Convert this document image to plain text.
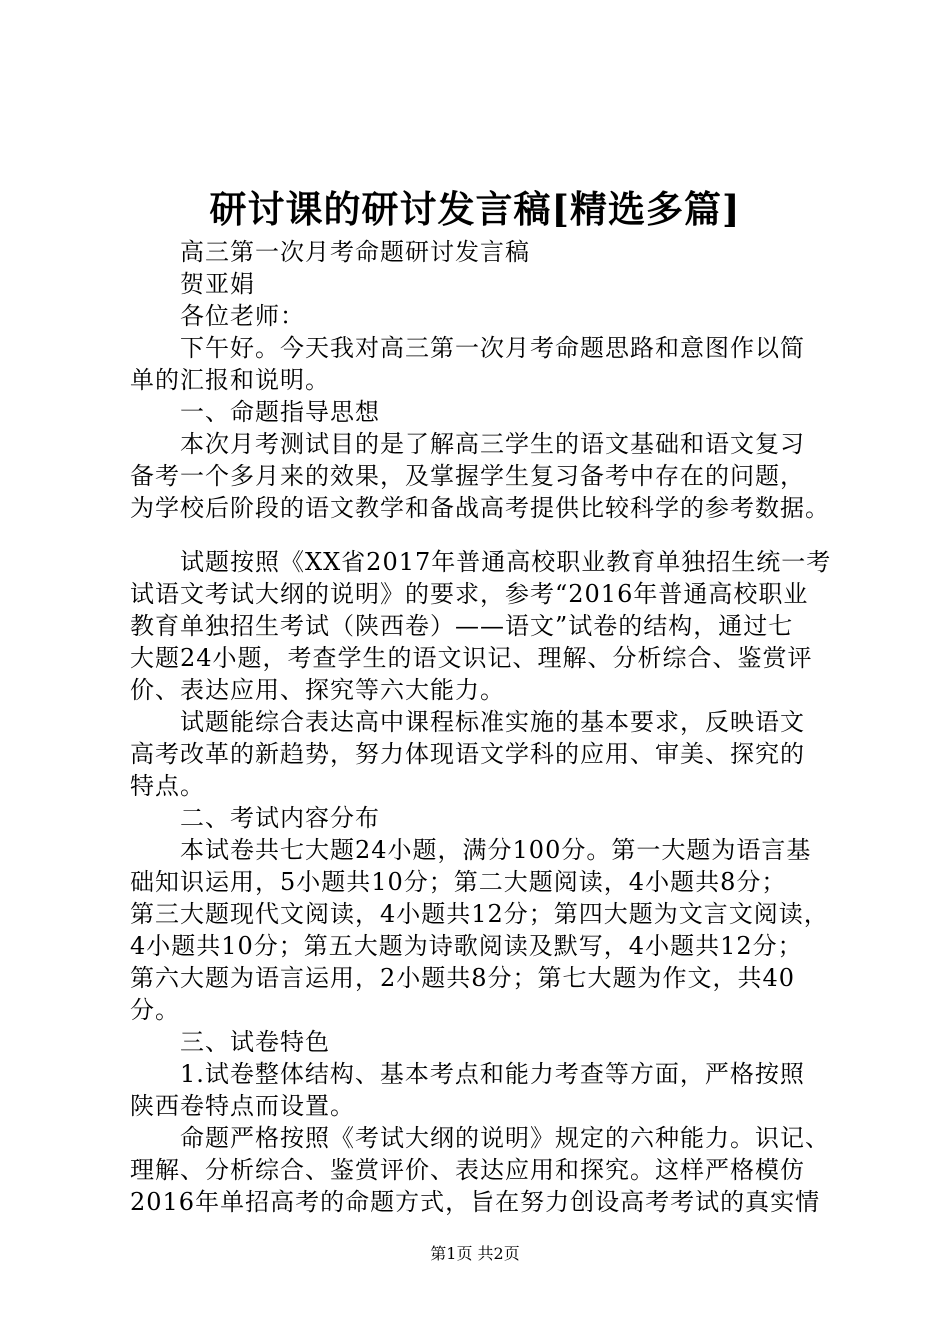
研讨课的研讨发言稿[精选多篇]
高三第一次月考命题研讨发言稿
贺亚娟
各位老师：
下午好。今天我对高三第一次月考命题思路和意图作以简
单的汇报和说明。
一、命题指导思想
本次月考测试目的是了解高三学生的语文基础和语文复习
备考一个多月来的效果，及掌握学生复习备考中存在的问题，
为学校后阶段的语文教学和备战高考提供比较科学的参考数据。
试题按照《XX省2017年普通高校职业教育单独招生统一考
试语文考试大纲的说明》的要求，参考“2016年普通高校职业
教育单独招生考试（陕西卷）——语文”试卷的结构，通过七
大题24小题，考查学生的语文识记、理解、分析综合、鉴赏评
价、表达应用、探究等六大能力。
试题能综合表达高中课程标准实施的基本要求，反映语文
高考改革的新趋势，努力体现语文学科的应用、审美、探究的
特点。
二、考试内容分布
本试卷共七大题24小题，满分100分。第一大题为语言基
础知识运用，5小题共10分；第二大题阅读，4小题共8分；
第三大题现代文阅读，4小题共12分；第四大题为文言文阅读，
4小题共10分；第五大题为诗歌阅读及默写，4小题共12分；
第六大题为语言运用，2小题共8分；第七大题为作文，共40
分。
三、试卷特色
1.试卷整体结构、基本考点和能力考查等方面，严格按照
陕西卷特点而设置。
命题严格按照《考试大纲的说明》规定的六种能力。识记、
理解、分析综合、鉴赏评价、表达应用和探究。这样严格模仿
2016年单招高考的命题方式，旨在努力创设高考考试的真实情
第1页 共2页
